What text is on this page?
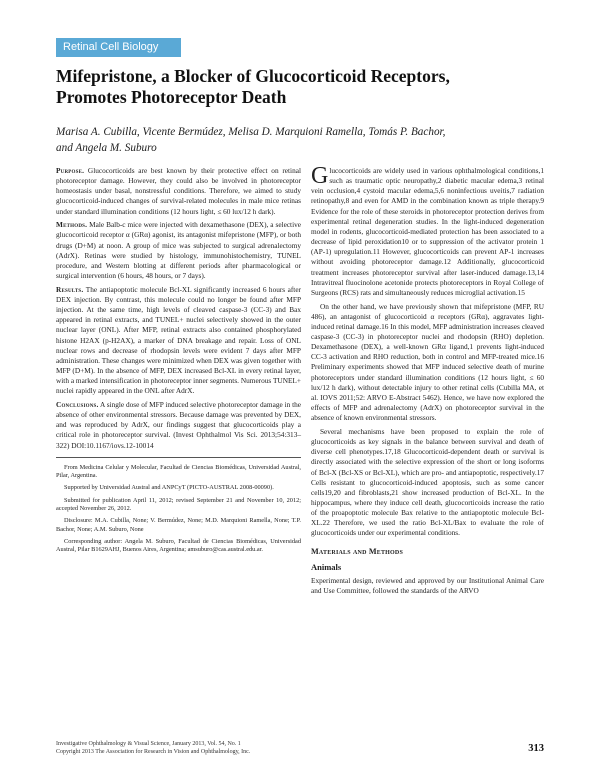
Retinal Cell Biology
Mifepristone, a Blocker of Glucocorticoid Receptors,
Promotes Photoreceptor Death
Marisa A. Cubilla, Vicente Bermúdez, Melisa D. Marquioni Ramella, Tomás P. Bachor,
and Angela M. Suburo

Purpose. Glucocorticoids are best known by their protective effect on retinal photoreceptor damage. However, they could also be involved in photoreceptor homeostasis under basal, nonstressful conditions. Therefore, we aimed to study glucocorticoid-induced changes of survival-related molecules in male mice retinas under standard illumination conditions (12 hours light, ≤ 60 lux/12 h dark).

Methods. Male Balb-c mice were injected with dexamethasone (DEX), a selective glucocorticoid receptor α (GRα) agonist, its antagonist mifepristone (MFP), or both drugs (D+M) at noon. A group of mice was subjected to surgical adrenalectomy (AdrX). Retinas were studied by histology, immunohistochemistry, TUNEL procedure, and Western blotting at different periods after pharmacological or surgical intervention (6 hours, 48 hours, or 7 days).

Results. The antiapoptotic molecule Bcl-XL significantly increased 6 hours after DEX injection. By contrast, this molecule could no longer be found after MFP injection. At the same time, high levels of cleaved caspase-3 (CC-3) and Bax appeared in retinal extracts, and TUNEL+ nuclei selectively showed in the outer nuclear layer (ONL). After MFP, retinal extracts also contained phosphorylated histone H2AX (p-H2AX), a marker of DNA breakage and repair. Loss of ONL nuclear rows and decrease of rhodopsin levels were evident 7 days after MFP administration. These changes were minimized when DEX was given together with MFP (D+M). In the absence of MFP, DEX increased Bcl-XL in every retinal layer, with a marked intensification in photoreceptor inner segments. Numerous TUNEL+ nuclei rapidly appeared in the ONL after AdrX.

Conclusions. A single dose of MFP induced selective photoreceptor damage in the absence of other environmental stressors. Because damage was prevented by DEX, and was reproduced by AdrX, our findings suggest that glucocorticoids play a critical role in photoreceptor survival. (Invest Ophthalmol Vis Sci. 2013;54:313–322) DOI:10.1167/iovs.12-10014

From Medicina Celular y Molecular, Facultad de Ciencias Biomédicas, Universidad Austral, Pilar, Argentina.

Supported by Universidad Austral and ANPCyT (PICTO-AUSTRAL 2008-00090).

Submitted for publication April 11, 2012; revised September 21 and November 10, 2012; accepted November 26, 2012.

Disclosure: M.A. Cubilla, None; V. Bermúdez, None; M.D. Marquioni Ramella, None; T.P. Bachor, None; A.M. Suburo, None

Corresponding author: Angela M. Suburo, Facultad de Ciencias Biomédicas, Universidad Austral, Pilar B1629AHJ, Buenos Aires, Argentina; amsuburo@cas.austral.edu.ar.

Glucocorticoids are widely used in various ophthalmological conditions,1 such as traumatic optic neuropathy,2 diabetic macular edema,3 retinal vein occlusion,4 cystoid macular edema,5,6 noninfectious uveitis,7 radiation retinopathy,8 and even for AMD in the combination known as triple therapy.9 Evidence for the role of these steroids in photoreceptor protection derives from experimental retinal degeneration studies. In the light-induced degeneration model in rodents, glucocorticoid-mediated protection has been associated to a decrease of lipid peroxidation10 or to suppression of the activator protein 1 (AP-1) upregulation.11 However, glucocorticoids can prevent AP-1 increases without avoiding photoreceptor damage.12 Additionally, glucocorticoid treatment increases photoreceptor survival after laser-induced damage.13,14 Intravitreal fluocinolone acetonide protects photoreceptors in Royal College of Surgeons (RCS) rats and simultaneously reduces microglial activation.15

On the other hand, we have previously shown that mifepristone (MFP, RU 486), an antagonist of glucocorticoid α receptors (GRα), aggravates light-induced retinal damage.16 In this model, MFP administration increases cleaved caspase-3 (CC-3) in photoreceptor nuclei and rhodopsin (RHO) depletion. Dexamethasone (DEX), a well-known GRα ligand,1 prevents light-induced CC-3 activation and RHO reduction, both in control and MFP-treated mice.16 Preliminary experiments showed that MFP induced selective death of murine photoreceptors under standard illumination conditions (12 hours light, ≤ 60 lux/12 h dark), without detectable injury to other retinal cells (Cubilla MA, et al. IOVS 2011;52: ARVO E-Abstract 5462). Hence, we have now explored the effects of MFP and adrenalectomy (AdrX) on photoreceptor survival in the absence of known environmental stressors.

Several mechanisms have been proposed to explain the role of glucocorticoids as key signals in the balance between survival and death of diverse cell phenotypes.17,18 Glucocorticoid-dependent death or survival is directly associated with the selective expression of the short or long isoforms of Bcl-X (Bcl-XS or Bcl-XL), which are pro- and antiapoptotic, respectively.17 Cells resistant to glucocorticoid-induced apoptosis, such as some cancer cells19,20 and fibroblasts,21 show increased production of Bcl-XL. In the hippocampus, where they induce cell death, glucocorticoids increase the ratio of the proapoptotic molecule Bax relative to the antiapoptotic molecule Bcl-XL.22 Therefore, we used the ratio Bcl-XL/Bax to evaluate the role of glucocorticoids under our experimental conditions.

Materials and Methods
Animals

Experimental design, reviewed and approved by our Institutional Animal Care and Use Committee, followed the standards of the ARVO

Investigative Ophthalmology & Visual Science, January 2013, Vol. 54, No. 1
Copyright 2013 The Association for Research in Vision and Ophthalmology, Inc.	313
